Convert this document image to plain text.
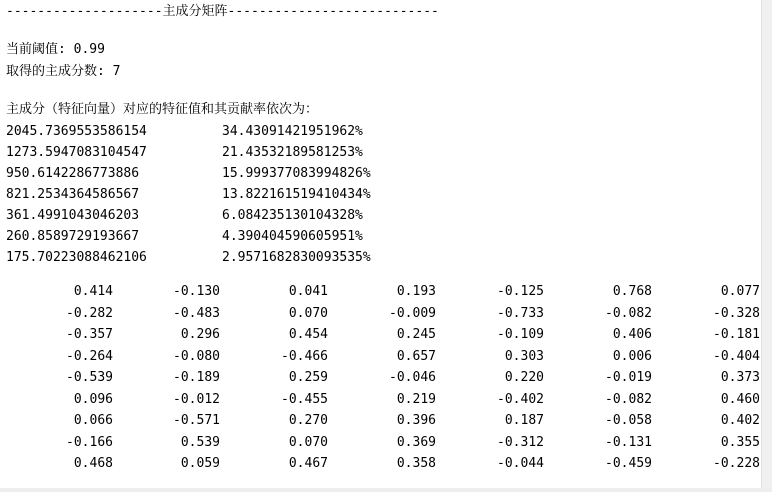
--------------------主成分矩阵---------------------------
当前阈值: 0.99
取得的主成分数: 7
主成分（特征向量）对应的特征值和其贡献率依次为：
2045.7369553586154	34.43091421951962%
1273.5947083104547	21.43532189581253%
950.6142286773886	15.999377083994826%
821.2534364586567	13.822161519410434%
361.4991043046203	6.084235130104328%
260.8589729193667	4.390404590605951%
175.70223088462106	2.9571682830093535%
0.414	-0.130	0.041	0.193	-0.125	0.768	0.077
-0.282	-0.483	0.070	-0.009	-0.733	-0.082	-0.328
-0.357	0.296	0.454	0.245	-0.109	0.406	-0.181
-0.264	-0.080	-0.466	0.657	0.303	0.006	-0.404
-0.539	-0.189	0.259	-0.046	0.220	-0.019	0.373
0.096	-0.012	-0.455	0.219	-0.402	-0.082	0.460
0.066	-0.571	0.270	0.396	0.187	-0.058	0.402
-0.166	0.539	0.070	0.369	-0.312	-0.131	0.355
0.468	0.059	0.467	0.358	-0.044	-0.459	-0.228
